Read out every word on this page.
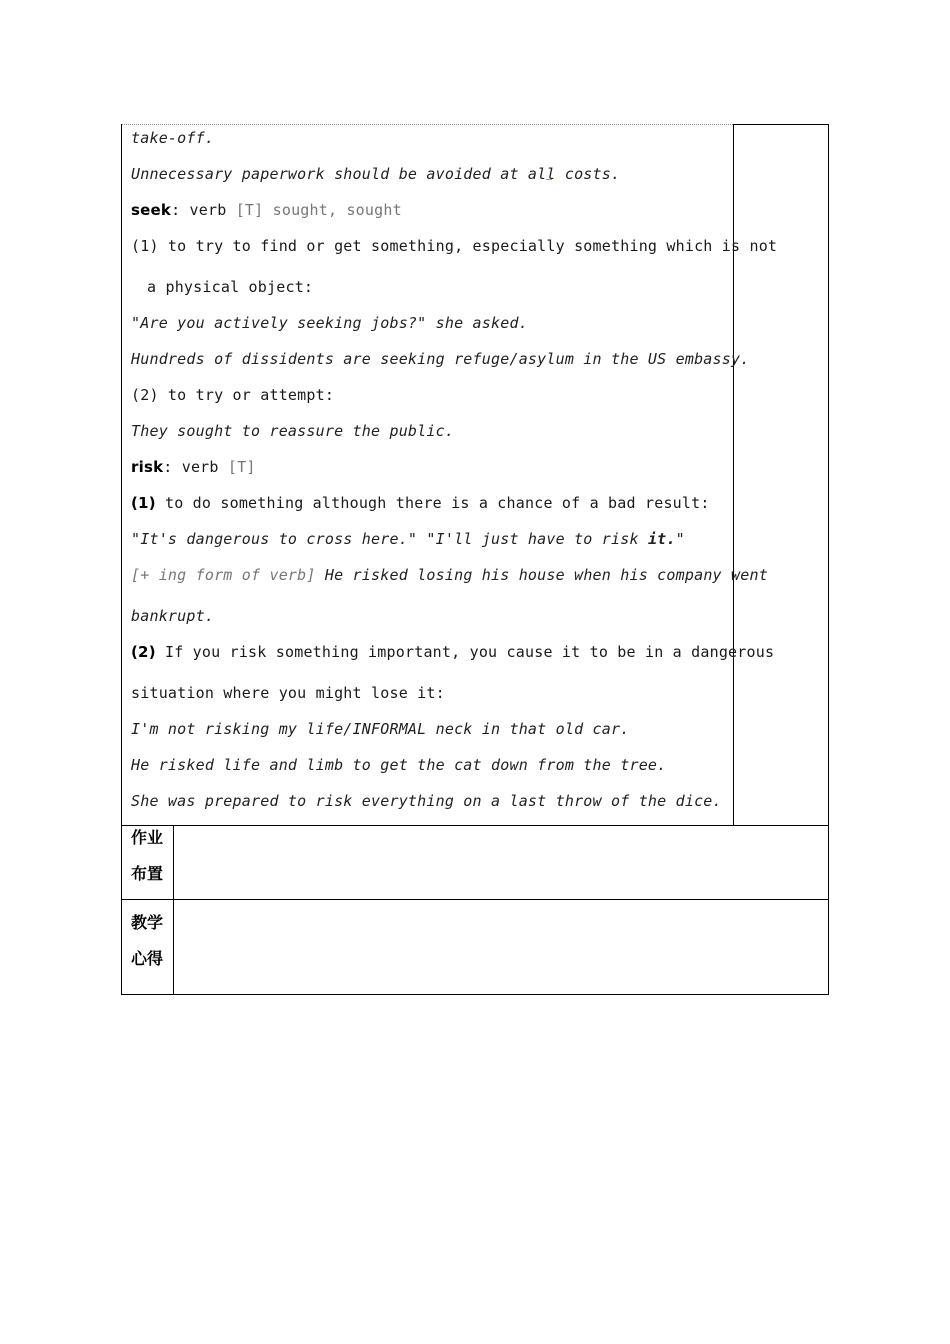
take-off.
Unnecessary paperwork should be avoided at all costs.
seek: verb [T] sought, sought
(1) to try to find or get something, especially something which is not
a physical object:
"Are you actively seeking jobs?" she asked.
Hundreds of dissidents are seeking refuge/asylum in the US embassy.
(2) to try or attempt:
They sought to reassure the public.
risk: verb [T]
(1) to do something although there is a chance of a bad result:
"It's dangerous to cross here." "I'll just have to risk it."
[+ ing form of verb] He risked losing his house when his company went
bankrupt.
(2) If you risk something important, you cause it to be in a dangerous
situation where you might lose it:
I'm not risking my life/INFORMAL neck in that old car.
He risked life and limb to get the cat down from the tree.
She was prepared to risk everything on a last throw of the dice.
作业
布置
教学
心得
